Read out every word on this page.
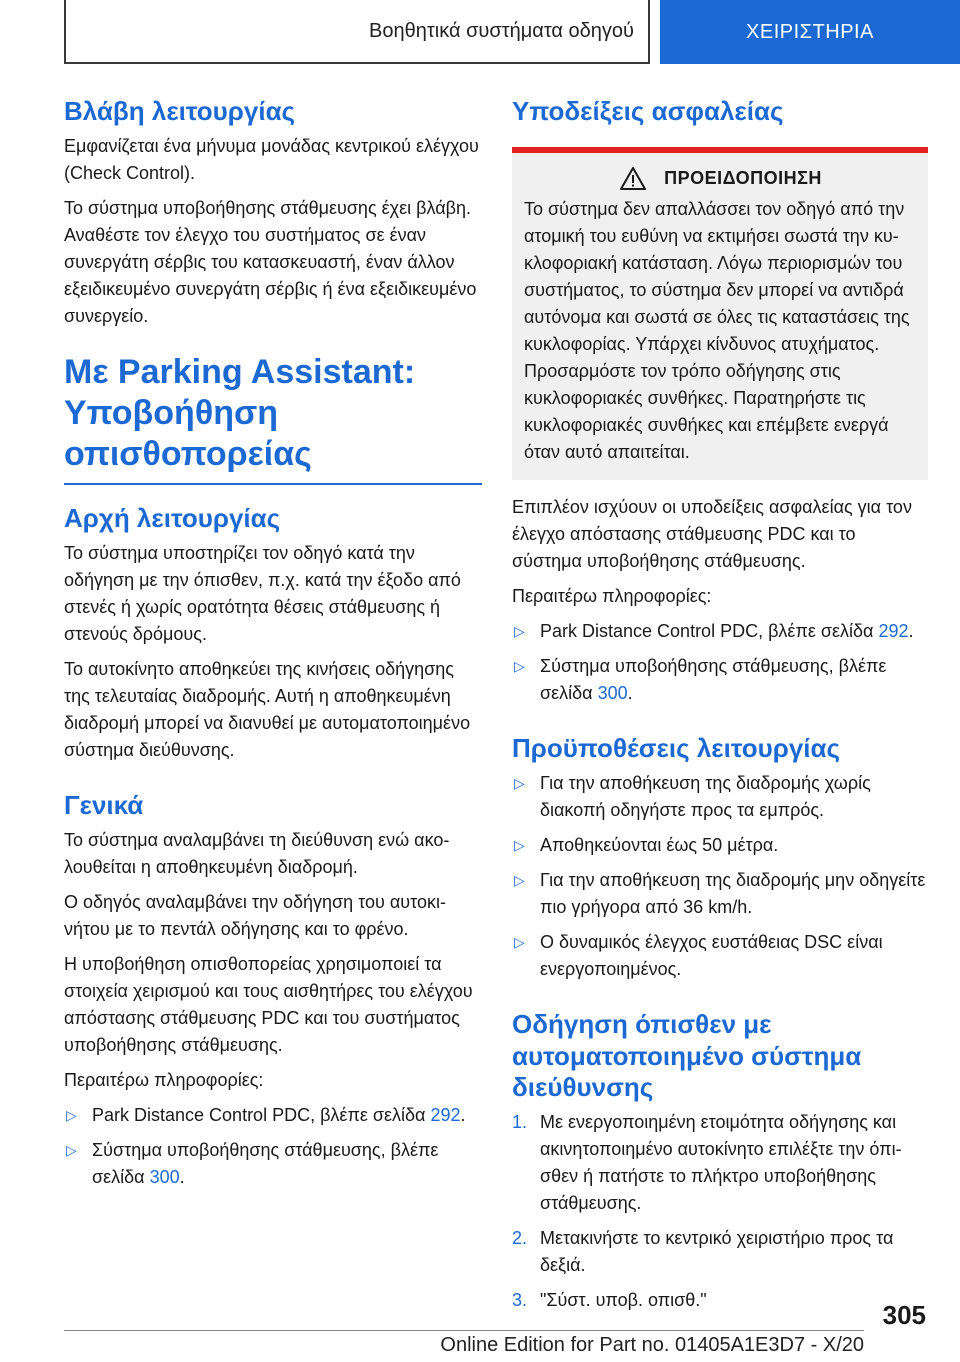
Βοηθητικά συστήματα οδηγού	ΧΕΙΡΙΣΤΗΡΙΑ
Βλάβη λειτουργίας

Εμφανίζεται ένα μήνυμα μονάδας κεντρικού ελέγχου (Check Control).

Το σύστημα υποβοήθησης στάθμευσης έχει βλάβη. Αναθέστε τον έλεγχο του συστήματος σε έναν συνεργάτη σέρβις του κατασκευαστή, έναν άλλον εξειδικευμένο συνεργάτη σέρβις ή ένα εξειδικευμένο συνεργείο.

Με Parking Assistant: Υποβοήθηση οπισθοπορείας
Αρχή λειτουργίας

Το σύστημα υποστηρίζει τον οδηγό κατά την οδήγηση με την όπισθεν, π.χ. κατά την έξοδο από στενές ή χωρίς ορατότητα θέσεις στάθμευσης ή στενούς δρόμους.

Το αυτοκίνητο αποθηκεύει της κινήσεις οδήγησης της τελευταίας διαδρομής. Αυτή η αποθηκευμένη διαδρομή μπορεί να διανυθεί με αυτοματοποιημένο σύστημα διεύθυνσης.

Γενικά

Το σύστημα αναλαμβάνει τη διεύθυνση ενώ ακολουθείται η αποθηκευμένη διαδρομή.

Ο οδηγός αναλαμβάνει την οδήγηση του αυτοκινήτου με το πεντάλ οδήγησης και το φρένο.

Η υποβοήθηση οπισθοπορείας χρησιμοποιεί τα στοιχεία χειρισμού και τους αισθητήρες του ελέγχου απόστασης στάθμευσης PDC και του συστήματος υποβοήθησης στάθμευσης.

Περαιτέρω πληροφορίες:

▷ Park Distance Control PDC, βλέπε σελίδα 292.
▷ Σύστημα υποβοήθησης στάθμευσης, βλέπε σελίδα 300.
Υποδείξεις ασφαλείας
ΠΡΟΕΙΔΟΠΟΙΗΣΗ

Το σύστημα δεν απαλλάσσει τον οδηγό από την ατομική του ευθύνη να εκτιμήσει σωστά την κυκλοφοριακή κατάσταση. Λόγω περιορισμών του συστήματος, το σύστημα δεν μπορεί να αντιδρά αυτόνομα και σωστά σε όλες τις καταστάσεις της κυκλοφορίας. Υπάρχει κίνδυνος ατυχήματος. Προσαρμόστε τον τρόπο οδήγησης στις κυκλοφοριακές συνθήκες. Παρατηρήστε τις κυκλοφοριακές συνθήκες και επέμβετε ενεργά όταν αυτό απαιτείται.

Επιπλέον ισχύουν οι υποδείξεις ασφαλείας για τον έλεγχο απόστασης στάθμευσης PDC και το σύστημα υποβοήθησης στάθμευσης.

Περαιτέρω πληροφορίες:

▷ Park Distance Control PDC, βλέπε σελίδα 292.
▷ Σύστημα υποβοήθησης στάθμευσης, βλέπε σελίδα 300.
Προϋποθέσεις λειτουργίας
▷ Για την αποθήκευση της διαδρομής χωρίς διακοπή οδηγήστε προς τα εμπρός.
▷ Αποθηκεύονται έως 50 μέτρα.
▷ Για την αποθήκευση της διαδρομής μην οδηγείτε πιο γρήγορα από 36 km/h.
▷ Ο δυναμικός έλεγχος ευστάθειας DSC είναι ενεργοποιημένος.
Οδήγηση όπισθεν με αυτοματοποιημένο σύστημα διεύθυνσης
1. Με ενεργοποιημένη ετοιμότητα οδήγησης και ακινητοποιημένο αυτοκίνητο επιλέξτε την όπισθεν ή πατήστε το πλήκτρο υποβοήθησης στάθμευσης.
2. Μετακινήστε το κεντρικό χειριστήριο προς τα δεξιά.
3. "Σύστ. υποβ. οπισθ."
305
Online Edition for Part no. 01405A1E3D7 - X/20
